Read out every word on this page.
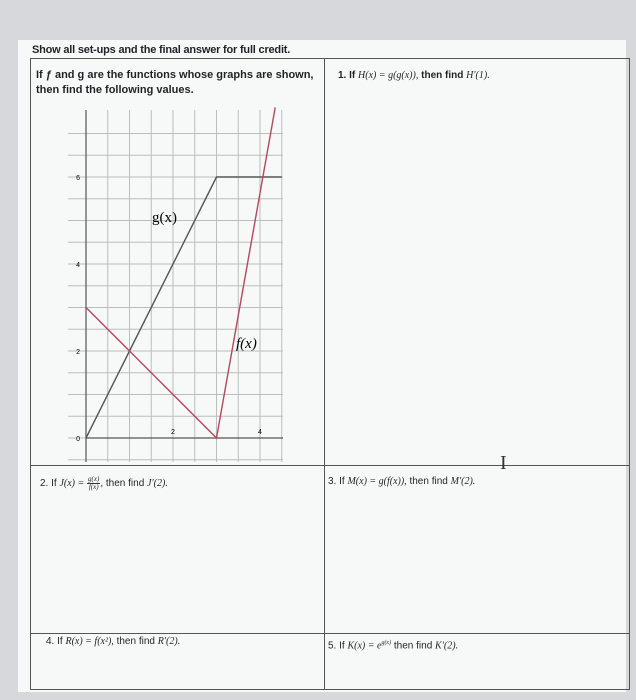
Show all set-ups and the final answer for full credit.
If ƒ and g are the functions whose graphs are shown,
then find the following values.
1. If H(x) = g(g(x)), then find H′(1).
6
4
2
0
2	4
g(x)
f(x)
2. If $J(x) = \frac{g(x)}{f(x)}$ , then find J′(2).	3. If M(x) = g(f(x)), then find M′(2).
4. If R(x) = f(x²), then find R′(2).	5. If $K(x) = e^{g(x)}$ then find K′(2).
I
